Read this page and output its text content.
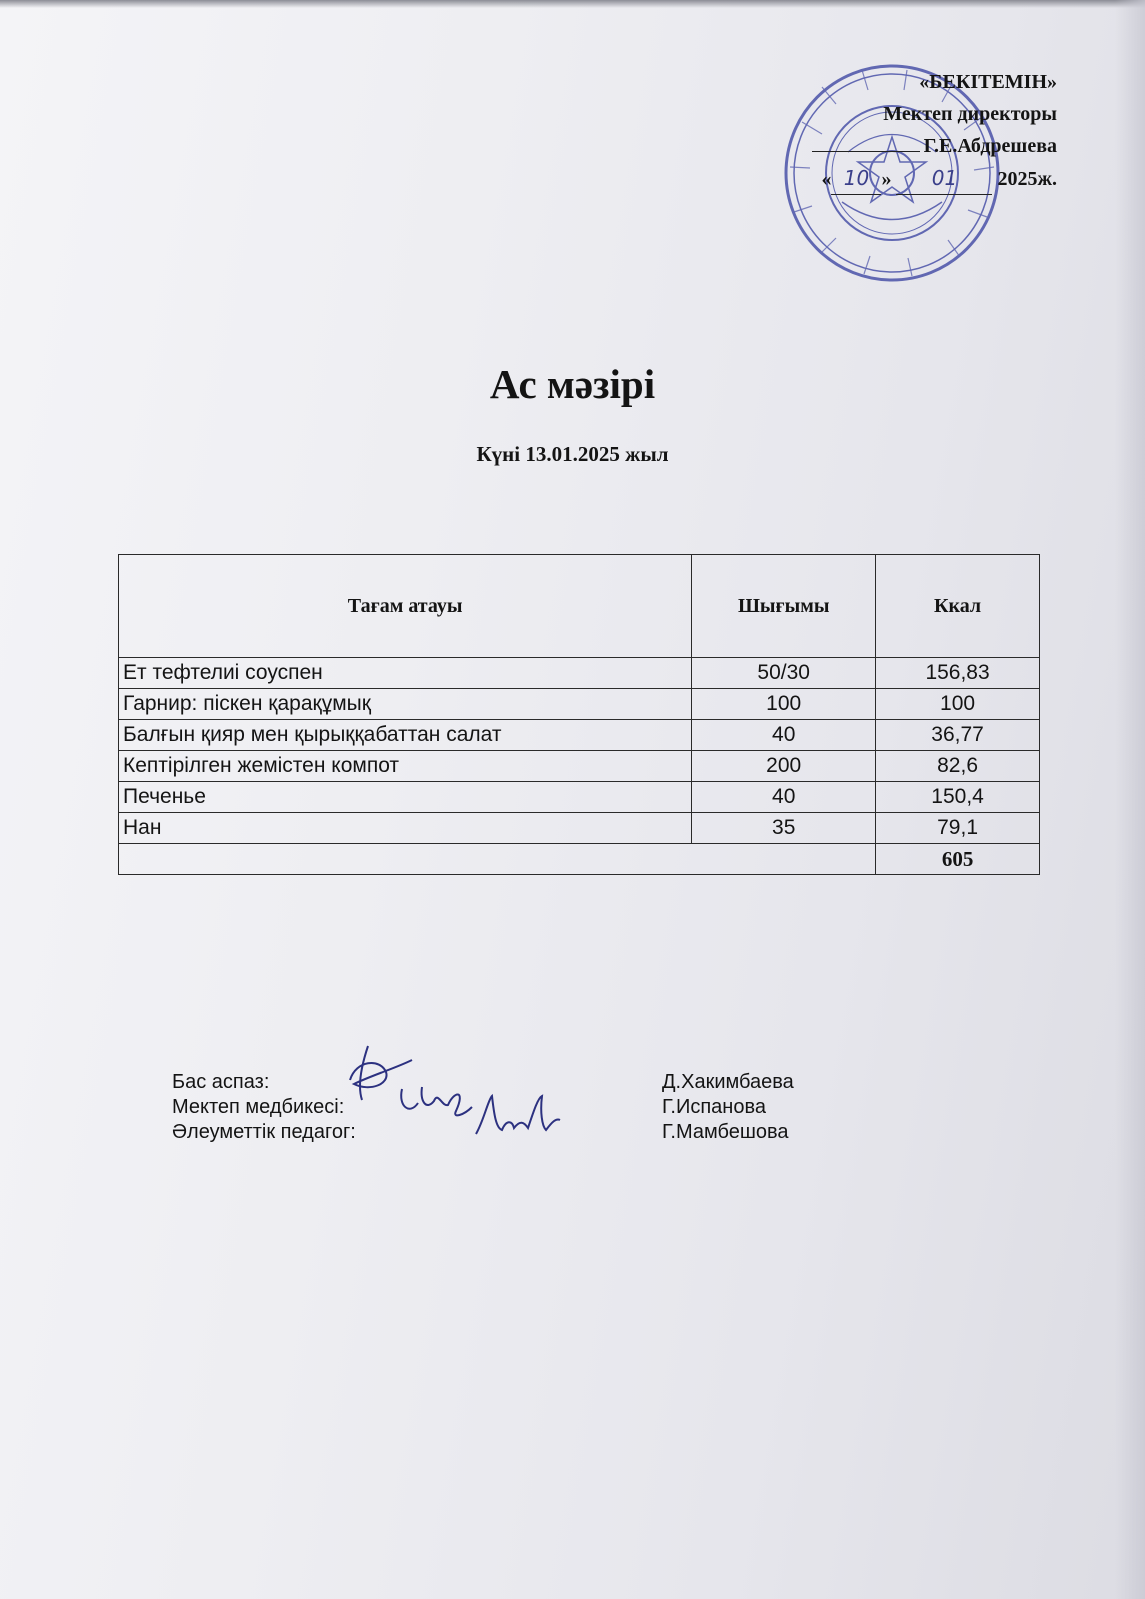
«БЕКІТЕМІН»
Мектеп директоры
Г.Е.Абдрешева
« 10 » 01 2025ж.
Ас мәзірі
Күні 13.01.2025 жыл
Тағам атауы	Шығымы	Ккал
Ет тефтелиі соуспен	50/30	156,83
Гарнир: піскен қарақұмық	100	100
Балғын қияр мен қырыққабаттан салат	40	36,77
Кептірілген жемістен компот	200	82,6
Печенье	40	150,4
Нан	35	79,1
		605
Бас аспаз:	Д.Хакимбаева
Мектеп медбикесі:	Г.Испанова
Әлеуметтік педагог:	Г.Мамбешова
